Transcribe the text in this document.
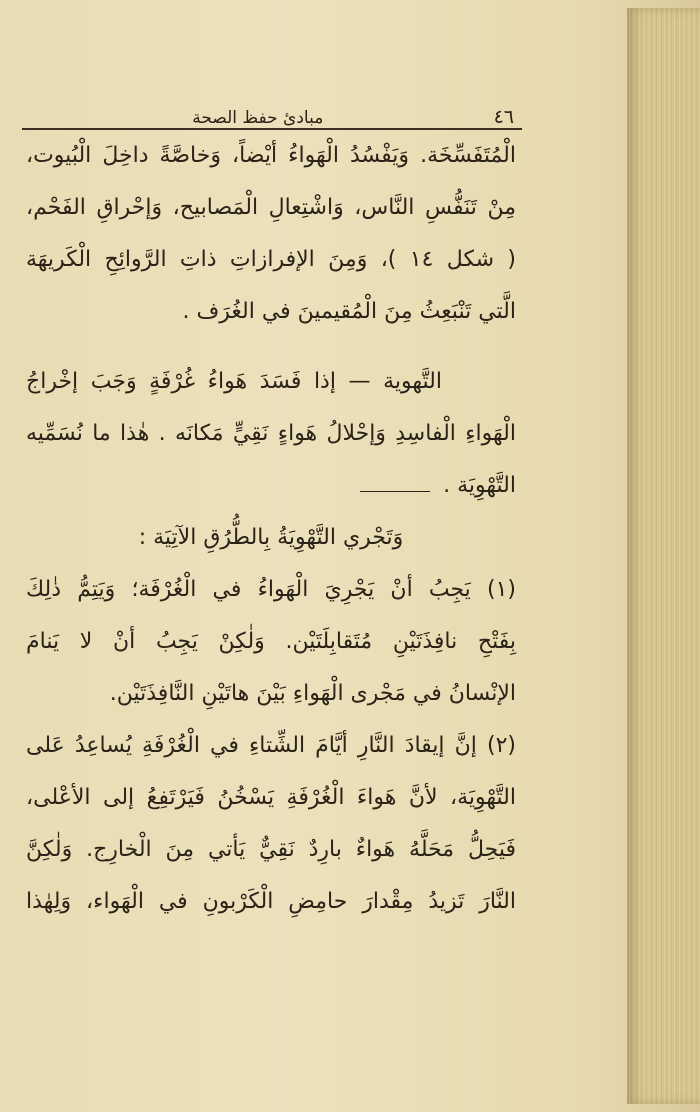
٤٦
مبادئ حفظ الصحة
الْمُتَفَسِّخَة. وَيَفْسُدُ الْهَواءُ أيْضاً، وَخاصَّةً داخِلَ الْبُيوت،
مِنْ تَنَفُّسِ النَّاس، وَاشْتِعالِ الْمَصابيح، وَإحْراقِ الفَحْم،
( شكل ١٤ )، وَمِنَ الإفرازاتِ ذاتِ الرَّوائِحِ الْكَريهَة
الَّتي تَنْبَعِثُ مِنَ الْمُقيمينَ في الغُرَف .
التَّهوية — إذا فَسَدَ هَواءُ غُرْفَةٍ وَجَبَ إخْراجُ
الْهَواءِ الْفاسِدِ وَإحْلالُ هَواءٍ نَقِيٍّ مَكانَه . هٰذا ما نُسَمِّيه
التَّهْوِيَة .
وَتَجْري التَّهْوِيَةُ بِالطُّرُقِ الآتِيَة :
(١) يَجِبُ أنْ يَجْرِيَ الْهَواءُ في الْغُرْفَة؛ وَيَتِمُّ ذٰلِكَ
بِفَتْحِ نافِذَتَيْنِ مُتَقابِلَتَيْن. وَلٰكِنْ يَجِبُ أنْ لا يَنامَ
الإنْسانُ في مَجْرى الْهَواءِ بَيْنَ هاتَيْنِ النَّافِذَتَيْن.
(٢) إنَّ إيقادَ النَّارِ أيَّامَ الشِّتاءِ في الْغُرْفَةِ يُساعِدُ عَلى
التَّهْوِيَة، لأنَّ هَواءَ الْغُرْفَةِ يَسْخُنُ فَيَرْتَفِعُ إلى الأعْلى،
فَيَحِلُّ مَحَلَّهُ هَواءٌ بارِدٌ نَقِيٌّ يَأتي مِنَ الْخارِج. وَلٰكِنَّ
النَّارَ تَزيدُ مِقْدارَ حامِضِ الْكَرْبونِ في الْهَواء، وَلِهٰذا
